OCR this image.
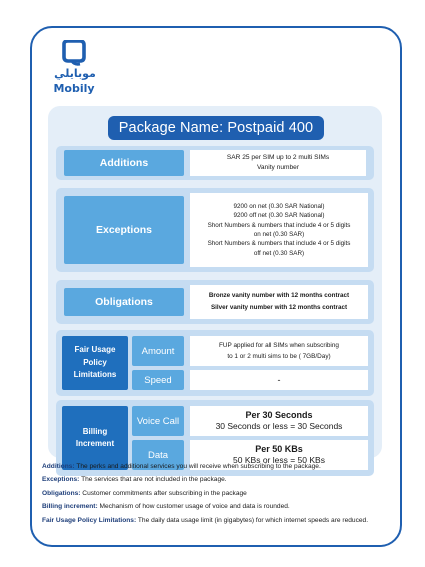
موبايلي
Mobily
Package Name: Postpaid 400
Additions	SAR 25 per SIM up to 2 multi SIMs
Vanity number
Exceptions
9200 on net (0.30 SAR National)
9200 off net (0.30 SAR National)
Short Numbers & numbers that include 4 or 5 digits
on net (0.30 SAR)
Short Numbers & numbers that include 4 or 5 digits
off net (0.30 SAR)
Obligations
Bronze vanity number with 12 months contract
Silver vanity number with 12 months contract
Fair Usage
Policy
Limitations
Amount
FUP applied for all SIMs when subscribing
to 1 or 2 multi sims to be ( 7GB/Day)
Speed	-
Billing
Increment
Voice Call
Per 30 Seconds
30 Seconds or less = 30 Seconds
Data
Per 50 KBs
50 KBs or less = 50 KBs

Additions: The perks and additional services you will receive when subscribing to the package.

Exceptions: The services that are not included in the package.

Obligations: Customer commitments after subscribing in the package

Billing increment: Mechanism of how customer usage of voice and data is rounded.

Fair Usage Policy Limitations: The daily data usage limit (in gigabytes) for which internet speeds are reduced.
